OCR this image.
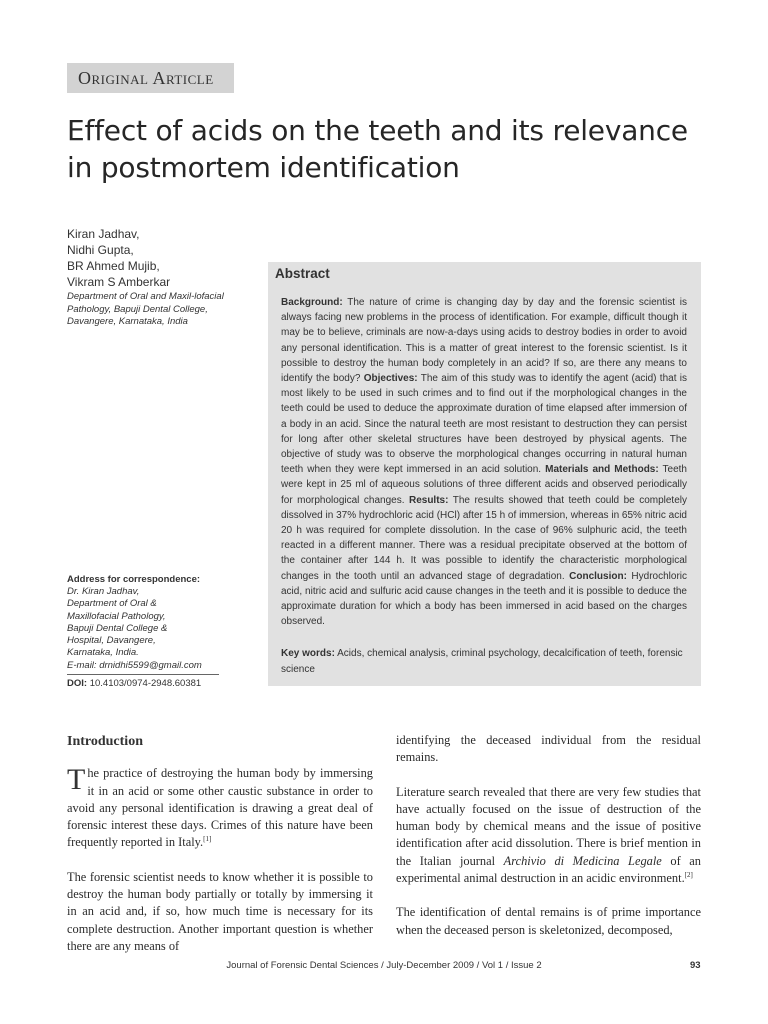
Original Article
Effect of acids on the teeth and its relevance in postmortem identification
Kiran Jadhav,
Nidhi Gupta,
BR Ahmed Mujib,
Vikram S Amberkar
Department of Oral and Maxil-lofacial Pathology, Bapuji Dental College, Davangere, Karnataka, India
Abstract
Background: The nature of crime is changing day by day and the forensic scientist is always facing new problems in the process of identification. For example, difficult though it may be to believe, criminals are now-a-days using acids to destroy bodies in order to avoid any personal identification. This is a matter of great interest to the forensic scientist. Is it possible to destroy the human body completely in an acid? If so, are there any means to identify the body? Objectives: The aim of this study was to identify the agent (acid) that is most likely to be used in such crimes and to find out if the morphological changes in the teeth could be used to deduce the approximate duration of time elapsed after immersion of a body in an acid. Since the natural teeth are most resistant to destruction they can persist for long after other skeletal structures have been destroyed by physical agents. The objective of study was to observe the morphological changes occurring in natural human teeth when they were kept immersed in an acid solution. Materials and Methods: Teeth were kept in 25 ml of aqueous solutions of three different acids and observed periodically for morphological changes. Results: The results showed that teeth could be completely dissolved in 37% hydrochloric acid (HCl) after 15 h of immersion, whereas in 65% nitric acid 20 h was required for complete dissolution. In the case of 96% sulphuric acid, the teeth reacted in a different manner. There was a residual precipitate observed at the bottom of the container after 144 h. It was possible to identify the characteristic morphological changes in the tooth until an advanced stage of degradation. Conclusion: Hydrochloric acid, nitric acid and sulfuric acid cause changes in the teeth and it is possible to deduce the approximate duration for which a body has been immersed in acid based on the charges observed.
Key words: Acids, chemical analysis, criminal psychology, decalcification of teeth, forensic science
Address for correspondence:
Dr. Kiran Jadhav,
Department of Oral &
Maxillofacial Pathology,
Bapuji Dental College &
Hospital, Davangere,
Karnataka, India.
E-mail: drnidhi5599@gmail.com
DOI: 10.4103/0974-2948.60381
Introduction

The practice of destroying the human body by immersing it in an acid or some other caustic substance in order to avoid any personal identification is drawing a great deal of forensic interest these days. Crimes of this nature have been frequently reported in Italy.[1]

The forensic scientist needs to know whether it is possible to destroy the human body partially or totally by immersing it in an acid and, if so, how much time is necessary for its complete destruction. Another important question is whether there are any means of

identifying the deceased individual from the residual remains.

Literature search revealed that there are very few studies that have actually focused on the issue of destruction of the human body by chemical means and the issue of positive identification after acid dissolution. There is brief mention in the Italian journal Archivio di Medicina Legale of an experimental animal destruction in an acidic environment.[2]

The identification of dental remains is of prime importance when the deceased person is skeletonized, decomposed,

Journal of Forensic Dental Sciences / July-December 2009 / Vol 1 / Issue 2	93
